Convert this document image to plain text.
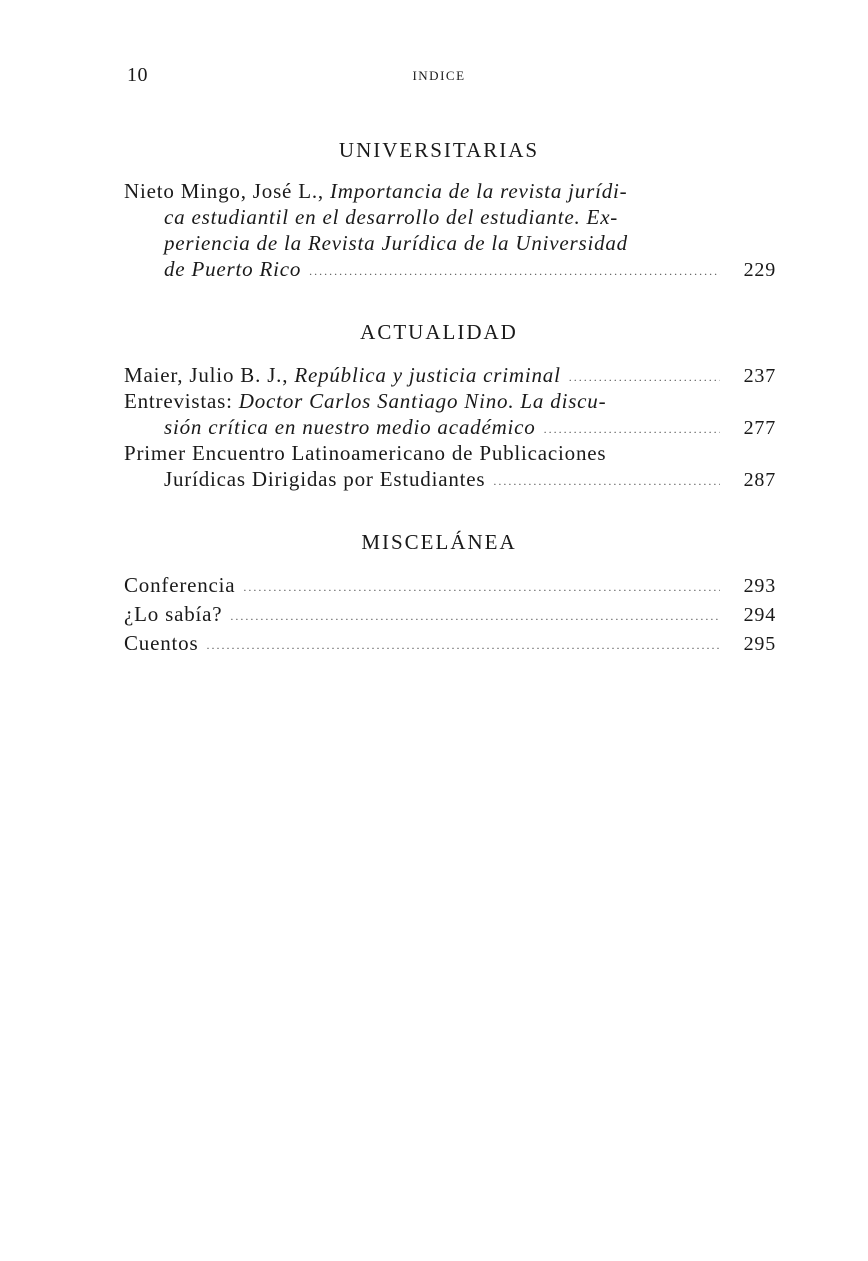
10	INDICE
UNIVERSITARIAS
Nieto Mingo, José L., Importancia de la revista jurídi-
ca estudiantil en el desarrollo del estudiante. Ex-
periencia de la Revista Jurídica de la Universidad
de Puerto Rico .....	229
ACTUALIDAD
Maier, Julio B. J., República y justicia criminal .....	237
Entrevistas: Doctor Carlos Santiago Nino. La discu-
sión crítica en nuestro medio académico .....	277
Primer Encuentro Latinoamericano de Publicaciones
Jurídicas Dirigidas por Estudiantes .....	287
MISCELÁNEA
Conferencia .....	293
¿Lo sabía? .....	294
Cuentos .....	295
